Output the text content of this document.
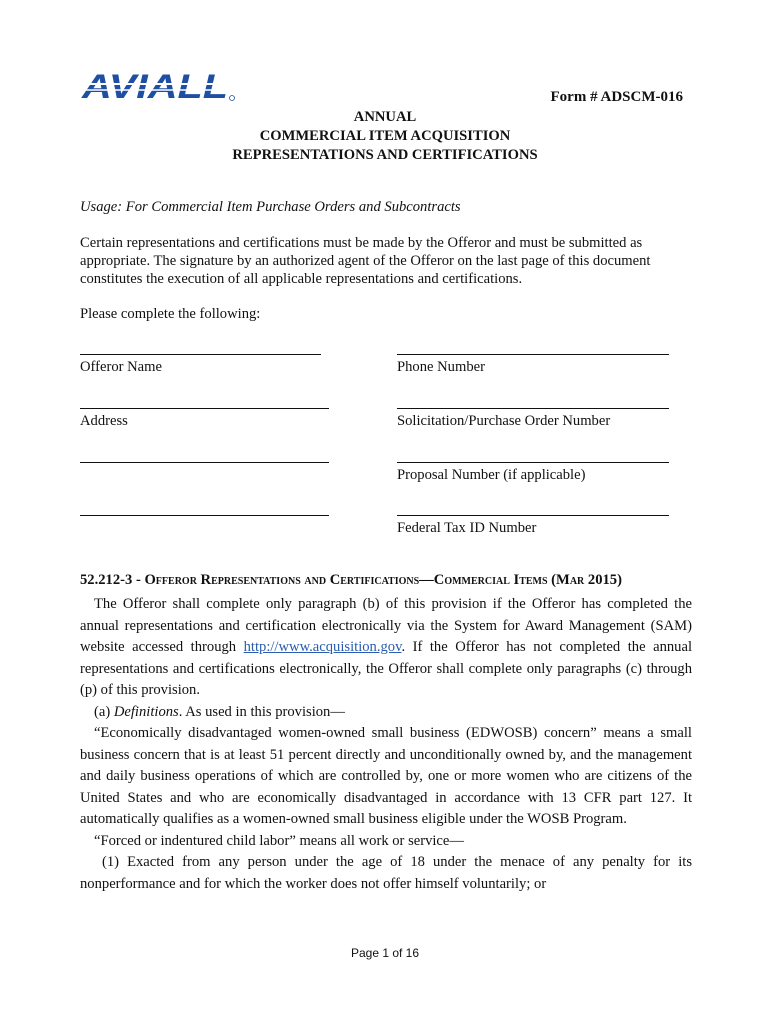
AVIALL	Form # ADSCM-016
ANNUAL
COMMERCIAL ITEM ACQUISITION
REPRESENTATIONS AND CERTIFICATIONS
Usage: For Commercial Item Purchase Orders and Subcontracts
Certain representations and certifications must be made by the Offeror and must be submitted as appropriate. The signature by an authorized agent of the Offeror on the last page of this document constitutes the execution of all applicable representations and certifications.
Please complete the following:
Offeror Name
Address
Phone Number
Solicitation/Purchase Order Number
Proposal Number (if applicable)
Federal Tax ID Number
52.212-3 - Offeror Representations and Certifications—Commercial Items (Mar 2015)

The Offeror shall complete only paragraph (b) of this provision if the Offeror has completed the annual representations and certification electronically via the System for Award Management (SAM) website accessed through http://www.acquisition.gov. If the Offeror has not completed the annual representations and certifications electronically, the Offeror shall complete only paragraphs (c) through (p) of this provision.

(a) Definitions. As used in this provision—

“Economically disadvantaged women-owned small business (EDWOSB) concern” means a small business concern that is at least 51 percent directly and unconditionally owned by, and the management and daily business operations of which are controlled by, one or more women who are citizens of the United States and who are economically disadvantaged in accordance with 13 CFR part 127. It automatically qualifies as a women-owned small business eligible under the WOSB Program.

“Forced or indentured child labor” means all work or service—

(1) Exacted from any person under the age of 18 under the menace of any penalty for its nonperformance and for which the worker does not offer himself voluntarily; or

Page 1 of 16
